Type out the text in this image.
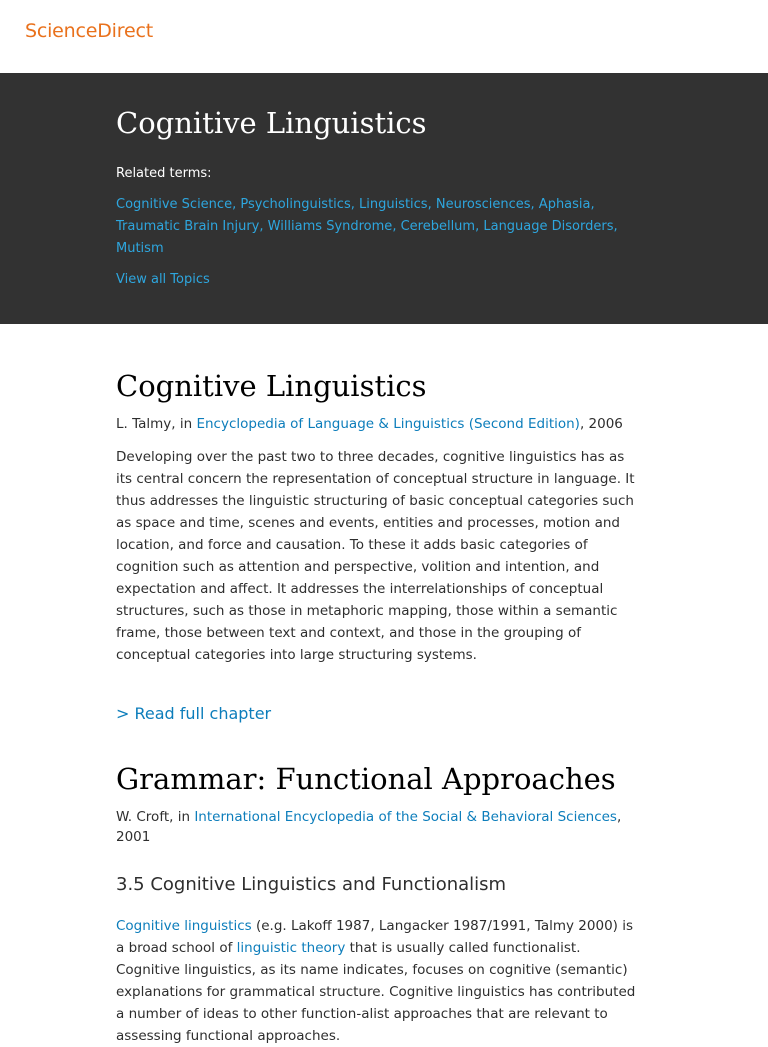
ScienceDirect
Cognitive Linguistics
Related terms:
Cognitive Science, Psycholinguistics, Linguistics, Neurosciences, Aphasia, Traumatic Brain Injury, Williams Syndrome, Cerebellum, Language Disorders, Mutism
View all Topics
Cognitive Linguistics
L. Talmy, in Encyclopedia of Language & Linguistics (Second Edition), 2006

Developing over the past two to three decades, cognitive linguistics has as its central concern the representation of conceptual structure in language. It thus addresses the linguistic structuring of basic conceptual categories such as space and time, scenes and events, entities and processes, motion and location, and force and causation. To these it adds basic categories of cognition such as attention and perspective, volition and intention, and expectation and affect. It addresses the interrelationships of conceptual structures, such as those in metaphoric mapping, those within a semantic frame, those between text and context, and those in the grouping of conceptual categories into large structuring systems.

> Read full chapter
Grammar: Functional Approaches
W. Croft, in International Encyclopedia of the Social & Behavioral Sciences, 2001
3.5 Cognitive Linguistics and Functionalism

Cognitive linguistics (e.g. Lakoff 1987, Langacker 1987/1991, Talmy 2000) is a broad school of linguistic theory that is usually called functionalist. Cognitive linguistics, as its name indicates, focuses on cognitive (semantic) explanations for grammatical structure. Cognitive linguistics has contributed a number of ideas to other function-alist approaches that are relevant to assessing functional approaches.
